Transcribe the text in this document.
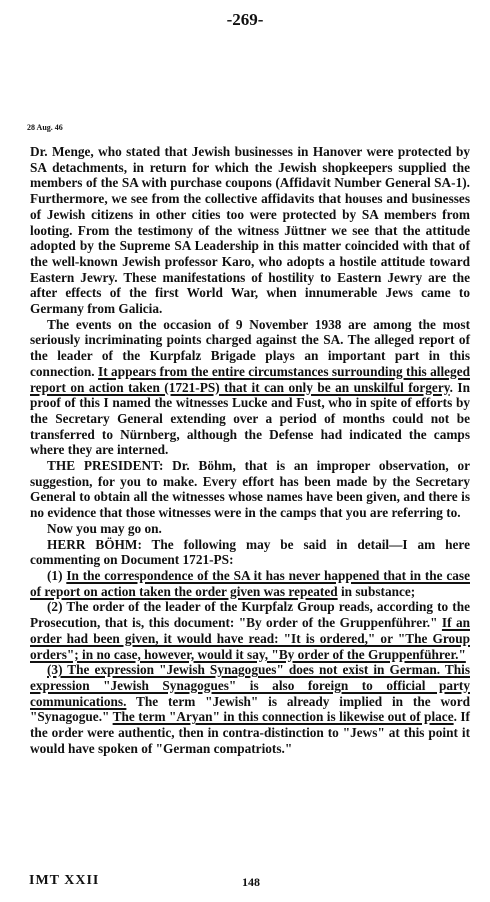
-269-
28 Aug. 46

Dr. Menge, who stated that Jewish businesses in Hanover were protected by SA detachments, in return for which the Jewish shopkeepers supplied the members of the SA with purchase coupons (Affidavit Number General SA-1). Furthermore, we see from the collective affidavits that houses and businesses of Jewish citizens in other cities too were protected by SA members from looting. From the testimony of the witness Jüttner we see that the attitude adopted by the Supreme SA Leadership in this matter coincided with that of the well-known Jewish professor Karo, who adopts a hostile attitude toward Eastern Jewry. These manifestations of hostility to Eastern Jewry are the after effects of the first World War, when innumerable Jews came to Germany from Galicia.

The events on the occasion of 9 November 1938 are among the most seriously incriminating points charged against the SA. The alleged report of the leader of the Kurpfalz Brigade plays an important part in this connection. It appears from the entire circumstances surrounding this alleged report on action taken (1721-PS) that it can only be an unskilful forgery. In proof of this I named the witnesses Lucke and Fust, who in spite of efforts by the Secretary General extending over a period of months could not be transferred to Nürnberg, although the Defense had indicated the camps where they are interned.

THE PRESIDENT: Dr. Böhm, that is an improper observation, or suggestion, for you to make. Every effort has been made by the Secretary General to obtain all the witnesses whose names have been given, and there is no evidence that those witnesses were in the camps that you are referring to.

Now you may go on.

HERR BÖHM: The following may be said in detail—I am here commenting on Document 1721-PS:

(1) In the correspondence of the SA it has never happened that in the case of report on action taken the order given was repeated in substance;

(2) The order of the leader of the Kurpfalz Group reads, according to the Prosecution, that is, this document: "By order of the Gruppenführer." If an order had been given, it would have read: "It is ordered," or "The Group orders"; in no case, however, would it say, "By order of the Gruppenführer."

(3) The expression "Jewish Synagogues" does not exist in German. This expression "Jewish Synagogues" is also foreign to official party communications. The term "Jewish" is already implied in the word "Synagogue." The term "Aryan" in this connection is likewise out of place. If the order were authentic, then in contra-distinction to "Jews" at this point it would have spoken of "German compatriots."

IMT XXII	148
